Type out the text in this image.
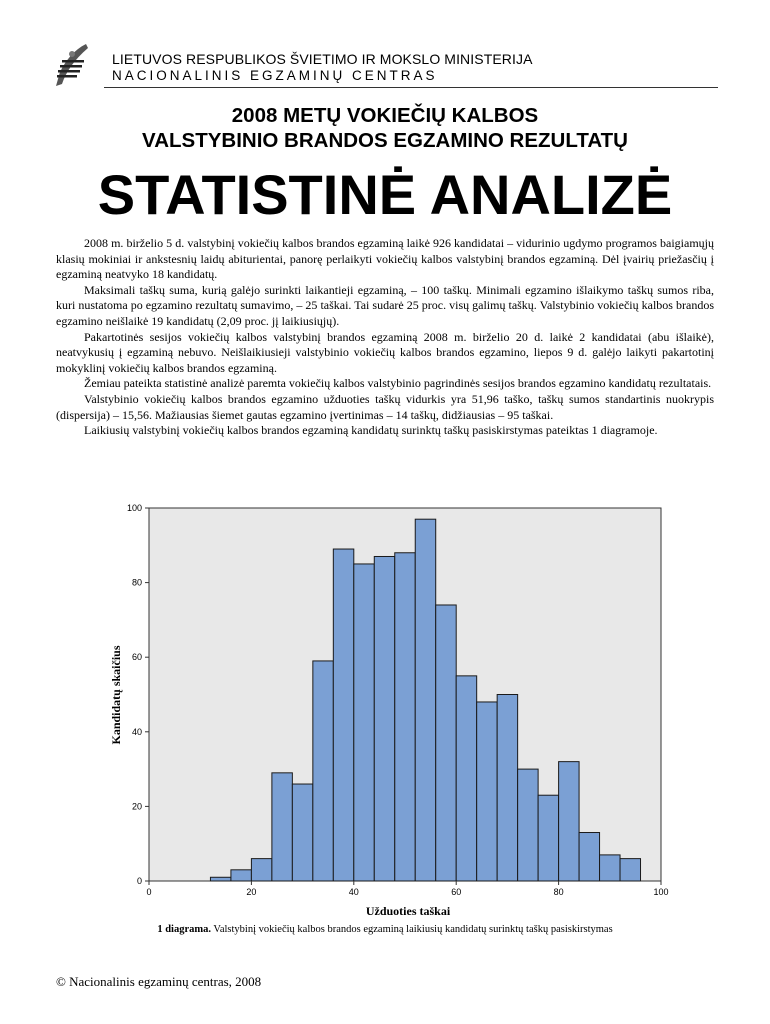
LIETUVOS RESPUBLIKOS ŠVIETIMO IR MOKSLO MINISTERIJA
NACIONALINIS EGZAMINŲ CENTRAS
2008 METŲ VOKIEČIŲ KALBOS
VALSTYBINIO BRANDOS EGZAMINO REZULTATŲ
STATISTINĖ ANALIZĖ

2008 m. birželio 5 d. valstybinį vokiečių kalbos brandos egzaminą laikė 926 kandidatai – vidurinio ugdymo programos baigiamųjų klasių mokiniai ir ankstesnių laidų abiturientai, panorę perlaikyti vokiečių kalbos valstybinį brandos egzaminą. Dėl įvairių priežasčių į egzaminą neatvyko 18 kandidatų.

Maksimali taškų suma, kurią galėjo surinkti laikantieji egzaminą, – 100 taškų. Minimali egzamino išlaikymo taškų sumos riba, kuri nustatoma po egzamino rezultatų sumavimo, – 25 taškai. Tai sudarė 25 proc. visų galimų taškų. Valstybinio vokiečių kalbos brandos egzamino neišlaikė 19 kandidatų (2,09 proc. jį laikiusiųjų).

Pakartotinės sesijos vokiečių kalbos valstybinį brandos egzaminą 2008 m. birželio 20 d. laikė 2 kandidatai (abu išlaikė), neatvykusių į egzaminą nebuvo. Neišlaikiusieji valstybinio vokiečių kalbos brandos egzamino, liepos 9 d. galėjo laikyti pakartotinį mokyklinį vokiečių kalbos brandos egzaminą.

Žemiau pateikta statistinė analizė paremta vokiečių kalbos valstybinio pagrindinės sesijos brandos egzamino kandidatų rezultatais.

Valstybinio vokiečių kalbos brandos egzamino užduoties taškų vidurkis yra 51,96 taško, taškų sumos standartinis nuokrypis (dispersija) – 15,56. Mažiausias šiemet gautas egzamino įvertinimas – 14 taškų, didžiausias – 95 taškai.

Laikiusių valstybinį vokiečių kalbos brandos egzaminą kandidatų surinktų taškų pasiskirstymas pateiktas 1 diagramoje.

0
20
40
60
80
100
0	20	40	60	80	100
Kandidatų skaičius
Užduoties taškai
1 diagrama. Valstybinį vokiečių kalbos brandos egzaminą laikiusių kandidatų surinktų taškų pasiskirstymas
© Nacionalinis egzaminų centras, 2008
